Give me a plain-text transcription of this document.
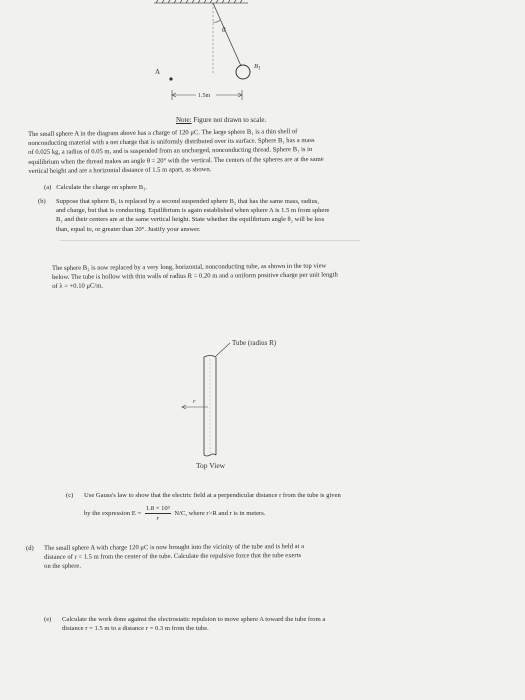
θ
$B_1$
A
1.5m
Note: Figure not drawn to scale.
The small sphere A in the diagram above has a charge of 120 μC. The large sphere B₁ is a thin shell of
nonconducting material with a net charge that is uniformly distributed over its surface. Sphere B₁ has a mass
of 0.025 kg, a radius of 0.05 m, and is suspended from an uncharged, nonconducting thread. Sphere B₁ is in
equilibrium when the thread makes an angle θ = 20° with the vertical. The centers of the spheres are at the same
vertical height and are a horizontal distance of 1.5 m apart, as shown.
(a) Calculate the charge on sphere B₁.
(b)	Suppose that sphere B₁ is replaced by a second suspended sphere B₂ that has the same mass, radius,
and charge, but that is conducting. Equilibrium is again established when sphere A is 1.5 m from sphere
B₂ and their centers are at the same vertical height. State whether the equilibrium angle θ₂ will be less
than, equal to, or greater than 20°. Justify your answer.
The sphere B₂ is now replaced by a very long, horizontal, nonconducting tube, as shown in the top view
below. The tube is hollow with thin walls of radius R = 0.20 m and a uniform positive charge per unit length
of λ = +0.10 μC/m.
Tube (radius R)
r
Top View
(c)	Use Gauss's law to show that the electric field at a perpendicular distance r from the tube is given
by the expression $E = \frac{\text{1.8 × 10³}}{r} N/C$, where r>R and r is in meters.
(d)	The small sphere A with charge 120 μC is now brought into the vicinity of the tube and is held at a
distance of r = 1.5 m from the center of the tube. Calculate the repulsive force that the tube exerts
on the sphere.
(e)	Calculate the work done against the electrostatic repulsion to move sphere A toward the tube from a
distance r = 1.5 m to a distance r = 0.3 m from the tube.
